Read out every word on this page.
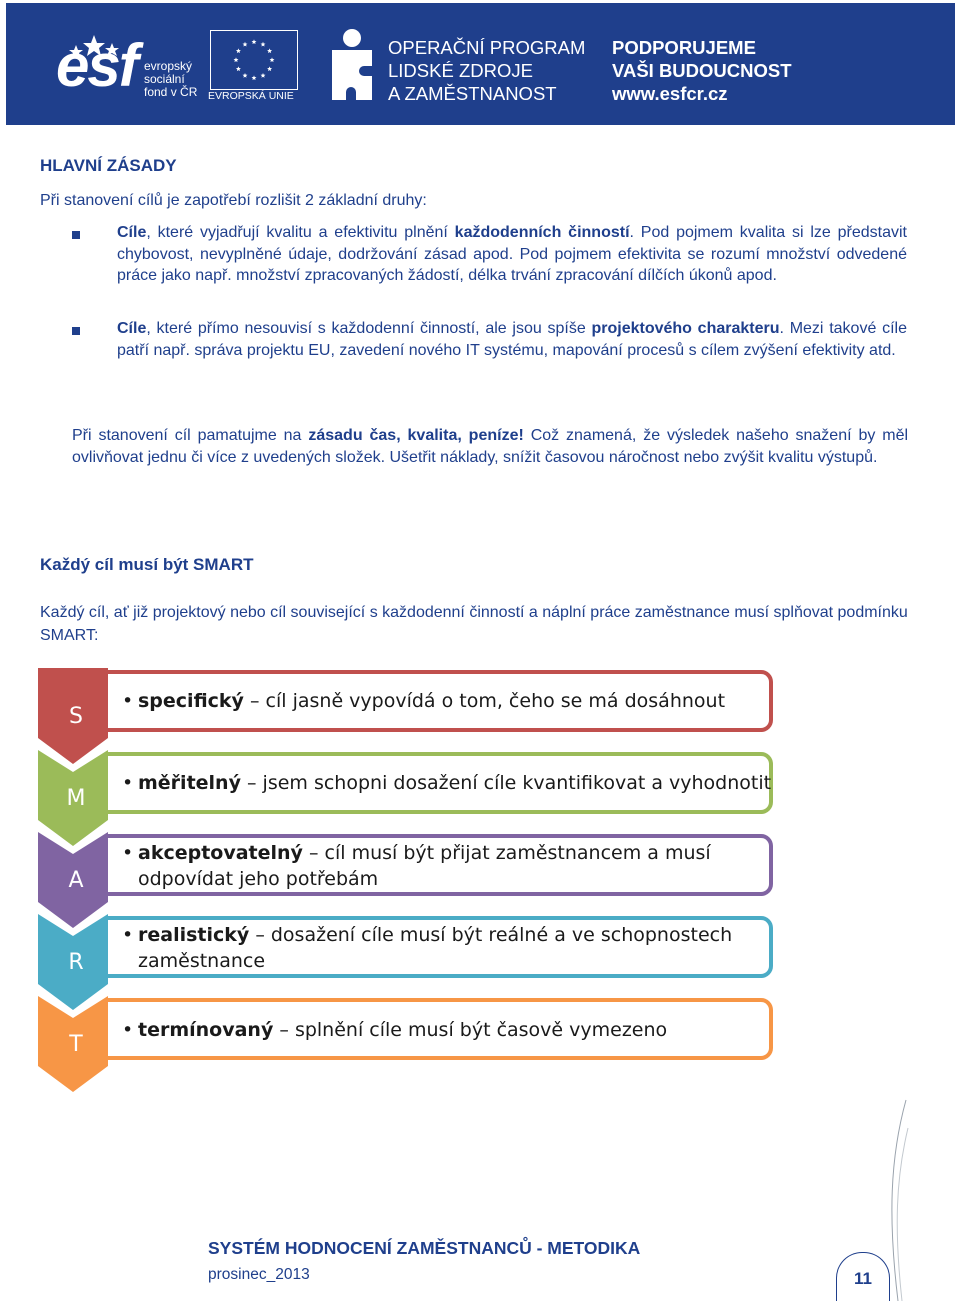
esf evropský
sociální
fond v ČR EVROPSKÁ UNIE
OPERAČNÍ PROGRAM
LIDSKÉ ZDROJE
A ZAMĚSTNANOST
PODPORUJEME
VAŠI BUDOUCNOST
www.esfcr.cz
HLAVNÍ ZÁSADY

Při stanovení cílů je zapotřebí rozlišit 2 základní druhy:

Cíle, které vyjadřují kvalitu a efektivitu plnění každodenních činností. Pod pojmem kvalita si lze představit chybovost, nevyplněné údaje, dodržování zásad apod. Pod pojmem efektivita se rozumí množství odvedené práce jako např. množství zpracovaných žádostí, délka trvání zpracování dílčích úkonů apod.

Cíle, které přímo nesouvisí s každodenní činností, ale jsou spíše projektového charakteru. Mezi takové cíle patří např. správa projektu EU, zavedení nového IT systému, mapování procesů s cílem zvýšení efektivity atd.

Při stanovení cíl pamatujme na zásadu čas, kvalita, peníze! Což znamená, že výsledek našeho snažení by měl ovlivňovat jednu či více z uvedených složek. Ušetřit náklady, snížit časovou náročnost nebo zvýšit kvalitu výstupů.

Každý cíl musí být SMART

Každý cíl, ať již projektový nebo cíl související s každodenní činností a náplní práce zaměstnance musí splňovat podmínku SMART:

S
• specifický – cíl jasně vypovídá o tom, čeho se má dosáhnout
M
• měřitelný – jsem schopni dosažení cíle kvantifikovat a vyhodnotit
A
• akceptovatelný – cíl musí být přijat zaměstnancem a musí odpovídat jeho potřebám
R
• realistický – dosažení cíle musí být reálné a ve schopnostech zaměstnance
T
• termínovaný – splnění cíle musí být časově vymezeno
SYSTÉM HODNOCENÍ ZAMĚSTNANCŮ - METODIKA
prosinec_2013	11
